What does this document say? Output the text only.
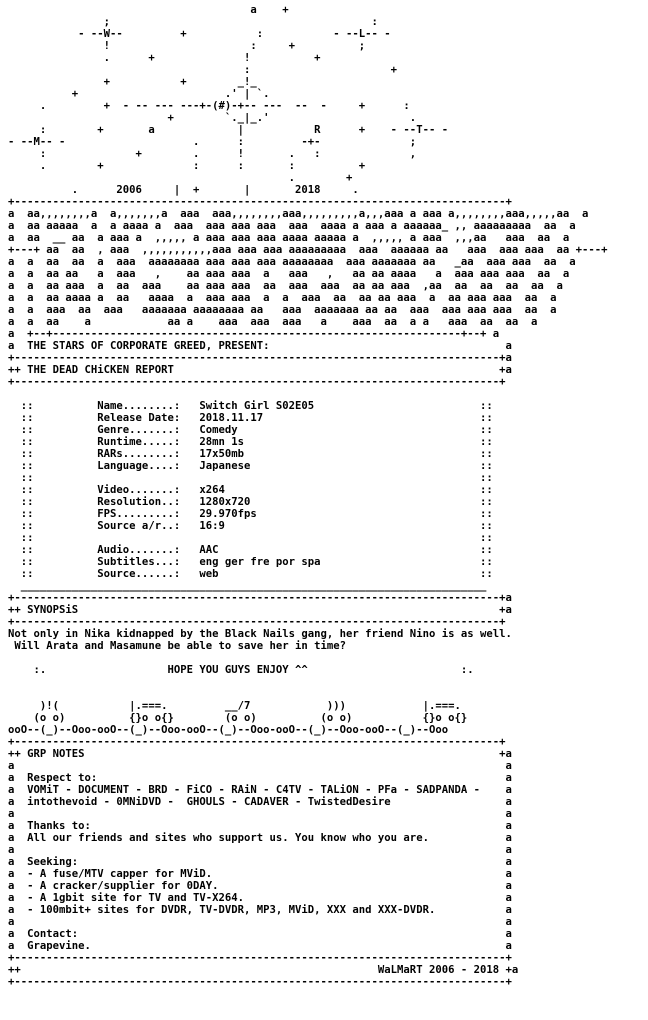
a    +
;                                         :
- --W--         +           :           - --L-- -
!                      :     +          ;
.      +              !          +
:                      +
+           +        _!_
+                       .' | `.
.         +  - -- --- ---+-(#)-+-- ---  --  -     +      :
+        `._|_.'                      .
:        +       a             |           R      +    - --T-- -
- --M-- -                    .      :         -+-              ;
:              +        .      !       .   :              ,
.        +              :      :       :          +
.        +
.      2006     |  +       |       2018     .
+-----------------------------------------------------------------------------+
a  aa,,,,,,,,a  a,,,,,,,a  aaa  aaa,,,,,,,,aaa,,,,,,,,,a,,,aaa a aaa a,,,,,,,,aaa,,,,,aa  a
a  aa aaaaa  a  a aaaa a  aaa  aaa aaa aaa  aaa  aaaa a aaa a aaaaaa_ ,, aaaaaaaaa  aa  a
a  aa  __ aa  a aaa a  ,,,,, a aaa aaa aaa aaaa aaaaa a  ,,,,, a aaa  ,,,aa   aaa  aa  a
+---+ aa  aa  , aaa  ,,,,,,,,,,,aaa aaa aaa aaaaaaaaa  aaa  aaaaaa aa   aaa  aaa aaa  aa +---+
a  a  aa  aa  a  aaa  aaaaaaaa aaa aaa aaa aaaaaaaa  aaa aaaaaaa aa   _aa  aaa aaa  aa  a
a  a  aa aa   a  aaa   ,    aa aaa aaa  a   aaa   ,   aa aa aaaa   a  aaa aaa aaa  aa  a
a  a  aa aaa  a  aa  aaa    aa aaa aaa  aa  aaa  aaa  aa aa aaa  ,aa  aa  aa  aa  aa  a
a  a  aa aaaa a  aa   aaaa  a  aaa aaa  a  a  aaa  aa  aa aa aaa  a  aa aaa aaa  aa  a
a  a  aaa  aa  aaa   aaaaaaa aaaaaaaa aa   aaa  aaaaaaa aa aa  aaa  aaa aaa aaa  aa  a
a  a  aa    a            aa a    aaa  aaa  aaa   a    aaa  aa  a a   aaa  aa  aa  a
a  +--+----------------------------------------------------------------+--+ a
a  THE STARS OF CORPORATE GREED, PRESENT:                                     a
+----------------------------------------------------------------------------+a
++ THE DEAD CHiCKEN REPORT                                                   +a
+----------------------------------------------------------------------------+

::          Name........:   Switch Girl S02E05                          ::
::          Release Date:   2018.11.17                                  ::
::          Genre.......:   Comedy                                      ::
::          Runtime.....:   28mn 1s                                     ::
::          RARs........:   17x50mb                                     ::
::          Language....:   Japanese                                    ::
::                                                                      ::
::          Video.......:   x264                                        ::
::          Resolution..:   1280x720                                    ::
::          FPS.........:   29.970fps                                   ::
::          Source a/r..:   16:9                                        ::
::                                                                      ::
::          Audio.......:   AAC                                         ::
::          Subtitles...:   eng ger fre por spa                         ::
::          Source......:   web                                         ::
_________________________________________________________________________
+----------------------------------------------------------------------------+a
++ SYNOPSiS                                                                  +a
+----------------------------------------------------------------------------+
Not only in Nika kidnapped by the Black Nails gang, her friend Nino is as well.
Will Arata and Masamune be able to save her in time?

:.                   HOPE YOU GUYS ENJOY ^^                        :.

)!(           |.===.         __/7            )))            |.===.
(o o)          {}o o{}        (o o)          (o o)           {}o o{}
ooO--(_)--Ooo-ooO--(_)--Ooo-ooO--(_)--Ooo-ooO--(_)--Ooo-ooO--(_)--Ooo
+----------------------------------------------------------------------------+
++ GRP NOTES                                                                 +a
a                                                                             a
a  Respect to:                                                                a
a  VOMiT - DOCUMENT - BRD - FiCO - RAiN - C4TV - TALiON - PFa - SADPANDA -    a
a  intothevoid - 0MNiDVD -  GHOULS - CADAVER - TwistedDesire                  a
a                                                                             a
a  Thanks to:                                                                 a
a  All our friends and sites who support us. You know who you are.            a
a                                                                             a
a  Seeking:                                                                   a
a  - A fuse/MTV capper for MViD.                                              a
a  - A cracker/supplier for 0DAY.                                             a
a  - A 1gbit site for TV and TV-X264.                                         a
a  - 100mbit+ sites for DVDR, TV-DVDR, MP3, MViD, XXX and XXX-DVDR.           a
a                                                                             a
a  Contact:                                                                   a
a  Grapevine.                                                                 a
+-----------------------------------------------------------------------------+
++                                                        WaLMaRT 2006 - 2018 +a
+-----------------------------------------------------------------------------+
